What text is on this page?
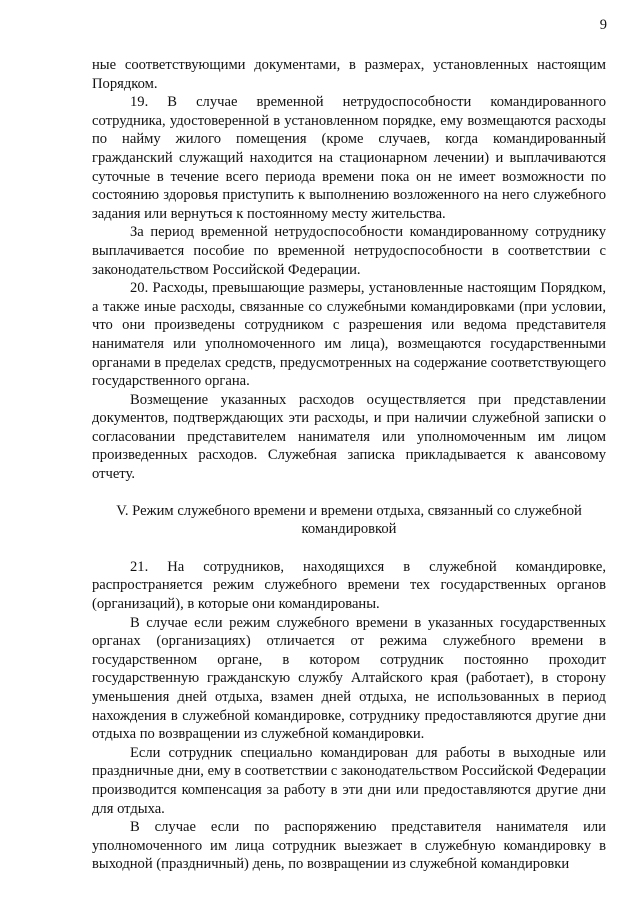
9

ные соответствующими документами, в размерах, установленных настоящим Порядком.

19. В случае временной нетрудоспособности командированного сотрудника, удостоверенной в установленном порядке, ему возмещаются расходы по найму жилого помещения (кроме случаев, когда командированный гражданский служащий находится на стационарном лечении) и выплачиваются суточные в течение всего периода времени пока он не имеет возможности по состоянию здоровья приступить к выполнению возложенного на него служебного задания или вернуться к постоянному месту жительства.

За период временной нетрудоспособности командированному сотруднику выплачивается пособие по временной нетрудоспособности в соответствии с законодательством Российской Федерации.

20. Расходы, превышающие размеры, установленные настоящим Порядком, а также иные расходы, связанные со служебными командировками (при условии, что они произведены сотрудником с разрешения или ведома представителя нанимателя или уполномоченного им лица), возмещаются государственными органами в пределах средств, предусмотренных на содержание соответствующего государственного органа.

Возмещение указанных расходов осуществляется при представлении документов, подтверждающих эти расходы, и при наличии служебной записки о согласовании представителем нанимателя или уполномоченным им лицом произведенных расходов. Служебная записка прикладывается к авансовому отчету.

V. Режим служебного времени и времени отдыха, связанный со служебной командировкой

21. На сотрудников, находящихся в служебной командировке, распространяется режим служебного времени тех государственных органов (организаций), в которые они командированы.

В случае если режим служебного времени в указанных государственных органах (организациях) отличается от режима служебного времени в государственном органе, в котором сотрудник постоянно проходит государственную гражданскую службу Алтайского края (работает), в сторону уменьшения дней отдыха, взамен дней отдыха, не использованных в период нахождения в служебной командировке, сотруднику предоставляются другие дни отдыха по возвращении из служебной командировки.

Если сотрудник специально командирован для работы в выходные или праздничные дни, ему в соответствии с законодательством Российской Федерации производится компенсация за работу в эти дни или предоставляются другие дни для отдыха.

В случае если по распоряжению представителя нанимателя или уполномоченного им лица сотрудник выезжает в служебную командировку в выходной (праздничный) день, по возвращении из служебной командировки
